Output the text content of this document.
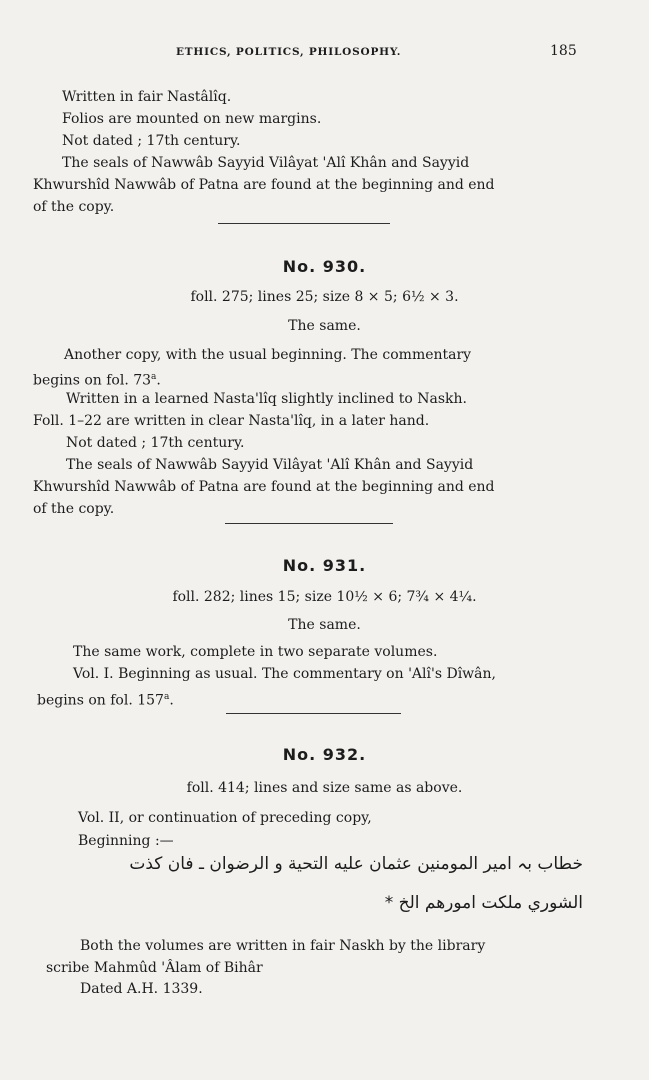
ETHICS, POLITICS, PHILOSOPHY.	185
Written in fair Nastâlîq.
Folios are mounted on new margins.
Not dated ; 17th century.
The seals of Nawwâb Sayyid Vilâyat 'Alî Khân and Sayyid
Khwurshîd Nawwâb of Patna are found at the beginning and end
of the copy.
No. 930.
foll. 275; lines 25; size 8 × 5; 6½ × 3.
The same.
Another copy, with the usual beginning. The commentary
begins on fol. 73$^a$.
Written in a learned Nasta'lîq slightly inclined to Naskh.
Foll. 1–22 are written in clear Nasta'lîq, in a later hand.
Not dated ; 17th century.
The seals of Nawwâb Sayyid Vilâyat 'Alî Khân and Sayyid
Khwurshîd Nawwâb of Patna are found at the beginning and end
of the copy.
No. 931.
foll. 282; lines 15; size 10½ × 6; 7¾ × 4¼.
The same.
The same work, complete in two separate volumes.
Vol. I. Beginning as usual. The commentary on 'Alî's Dîwân,
begins on fol. 157$^a$.
No. 932.
foll. 414; lines and size same as above.
Vol. II, or continuation of preceding copy,
Beginning :—
خطاب بہ امیر المومنین عثمان علیه التحیة و الرضوان ـ فان کذت
الشوري ملکت امورهم الخ *
Both the volumes are written in fair Naskh by the library
scribe Mahmûd 'Âlam of Bihâr
Dated A.H. 1339.
